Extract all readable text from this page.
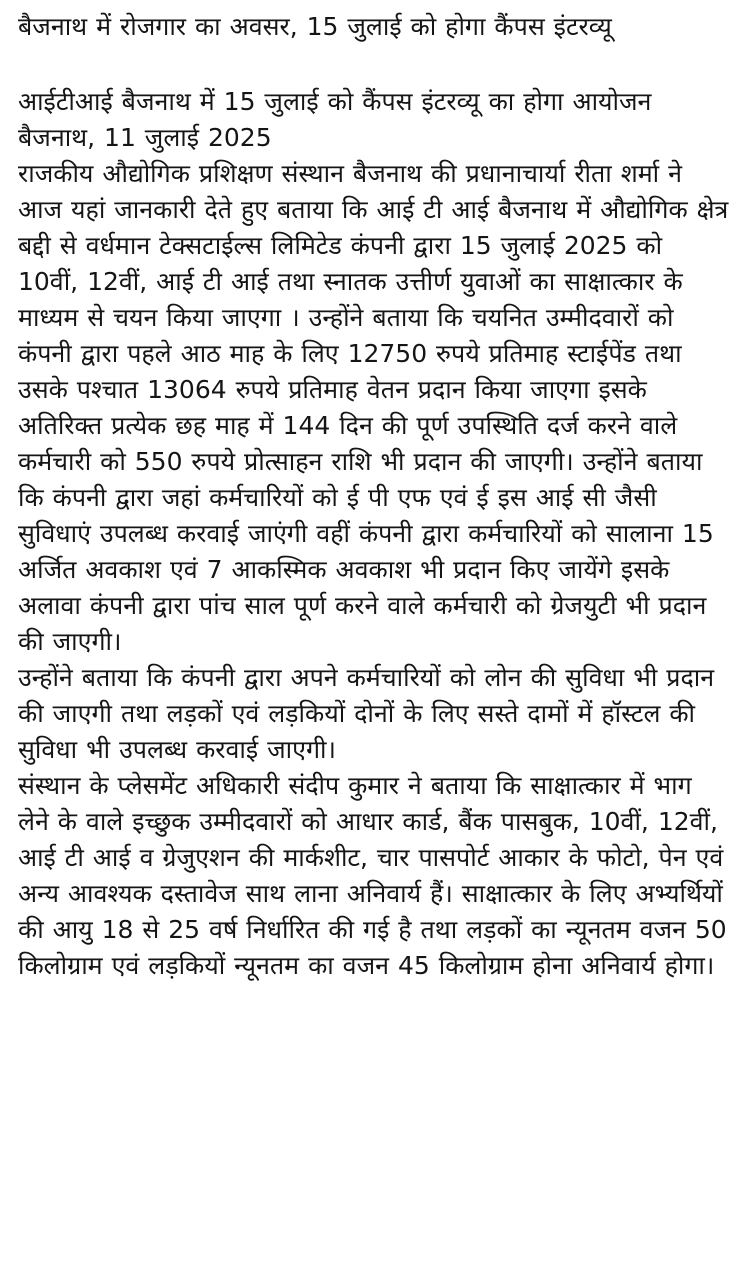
बैजनाथ में रोजगार का अवसर, 15 जुलाई को होगा कैंपस इंटरव्यू
आईटीआई बैजनाथ में 15 जुलाई को कैंपस इंटरव्यू का होगा आयोजन

बैजनाथ, 11 जुलाई 2025

राजकीय औद्योगिक प्रशिक्षण संस्थान बैजनाथ की प्रधानाचार्या रीता शर्मा ने आज यहां जानकारी देते हुए बताया कि आई टी आई बैजनाथ में औद्योगिक क्षेत्र बद्दी से वर्धमान टेक्सटाईल्स लिमिटेड कंपनी द्वारा 15 जुलाई 2025 को 10वीं, 12वीं, आई टी आई तथा स्नातक उत्तीर्ण युवाओं का साक्षात्कार के माध्यम से चयन किया जाएगा । उन्होंने बताया कि चयनित उम्मीदवारों को कंपनी द्वारा पहले आठ माह के लिए 12750 रुपये प्रतिमाह स्टाईपेंड तथा उसके पश्चात 13064 रुपये प्रतिमाह वेतन प्रदान किया जाएगा इसके अतिरिक्त प्रत्येक छह माह में 144 दिन की पूर्ण उपस्थिति दर्ज करने वाले कर्मचारी को 550 रुपये प्रोत्साहन राशि भी प्रदान की जाएगी। उन्होंने बताया कि कंपनी द्वारा जहां कर्मचारियों को ई पी एफ एवं ई इस आई सी जैसी सुविधाएं उपलब्ध करवाई जाएंगी वहीं कंपनी द्वारा कर्मचारियों को सालाना 15 अर्जित अवकाश एवं 7 आकस्मिक अवकाश भी प्रदान किए जायेंगे इसके अलावा कंपनी द्वारा पांच साल पूर्ण करने वाले कर्मचारी को ग्रेजयुटी भी प्रदान की जाएगी।

उन्होंने बताया कि कंपनी द्वारा अपने कर्मचारियों को लोन की सुविधा भी प्रदान की जाएगी तथा लड़कों एवं लड़कियों दोनों के लिए सस्ते दामों में हॉस्टल की सुविधा भी उपलब्ध करवाई जाएगी।

संस्थान के प्लेसमेंट अधिकारी संदीप कुमार ने बताया कि साक्षात्कार में भाग लेने के वाले इच्छुक उम्मीदवारों को आधार कार्ड, बैंक पासबुक, 10वीं, 12वीं, आई टी आई व ग्रेजुएशन की मार्कशीट, चार पासपोर्ट आकार के फोटो, पेन एवं अन्य आवश्यक दस्तावेज साथ लाना अनिवार्य हैं। साक्षात्कार के लिए अभ्यर्थियों की आयु 18 से 25 वर्ष निर्धारित की गई है तथा लड़कों का न्यूनतम वजन 50 किलोग्राम एवं लड़कियों न्यूनतम का वजन 45 किलोग्राम होना अनिवार्य होगा।
